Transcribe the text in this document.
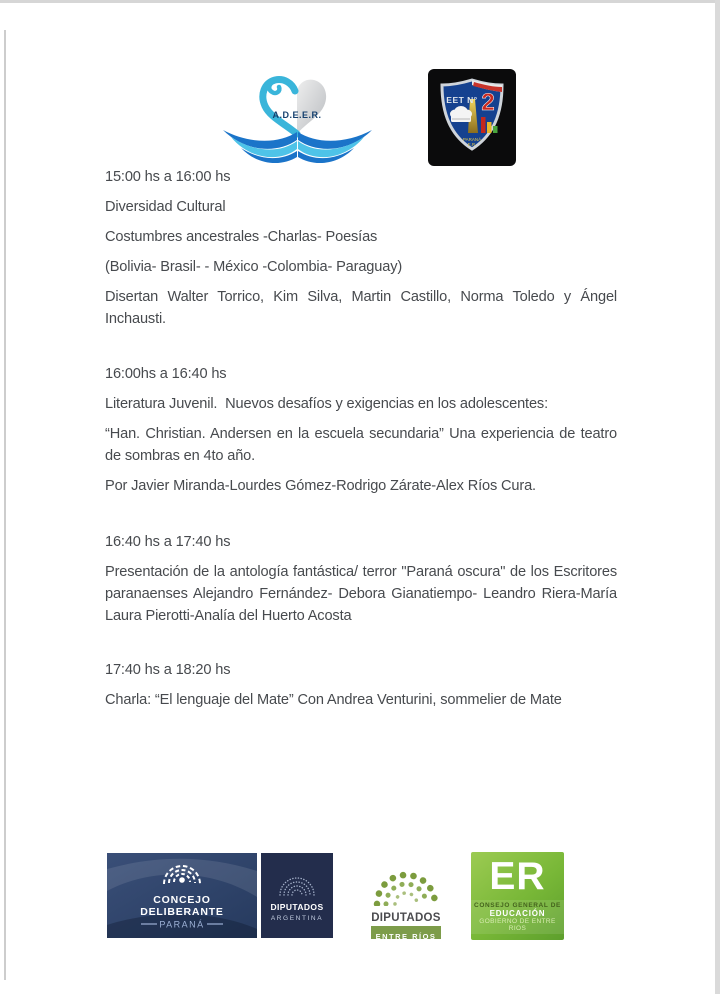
A.D.E.E.R.
EET N° 2
PARANÁ
E.R.

15:00 hs a 16:00 hs

Diversidad Cultural

Costumbres ancestrales -Charlas- Poesías

(Bolivia- Brasil- - México -Colombia- Paraguay)

Disertan Walter Torrico, Kim Silva, Martin Castillo, Norma Toledo y Ángel Inchausti.

16:00hs a 16:40 hs

Literatura Juvenil.  Nuevos desafíos y exigencias en los adolescentes:

“Han. Christian. Andersen en la escuela secundaria” Una experiencia de teatro de sombras en 4to año.

Por Javier Miranda-Lourdes Gómez-Rodrigo Zárate-Alex Ríos Cura.

16:40 hs a 17:40 hs

Presentación de la antología fantástica/ terror "Paraná oscura" de los Escritores paranaenses Alejandro Fernández- Debora Gianatiempo- Leandro Riera-María Laura Pierotti-Analía del Huerto Acosta

17:40 hs a 18:20 hs

Charla: “El lenguaje del Mate” Con Andrea Venturini, sommelier de Mate

CONCEJO
DELIBERANTE
PARANÁ
DIPUTADOS
ARGENTINA	DIPUTADOS
ENTRE RÍOS
ER
CONSEJO GENERAL DE
EDUCACIÓN
GOBIERNO DE ENTRE RIOS
